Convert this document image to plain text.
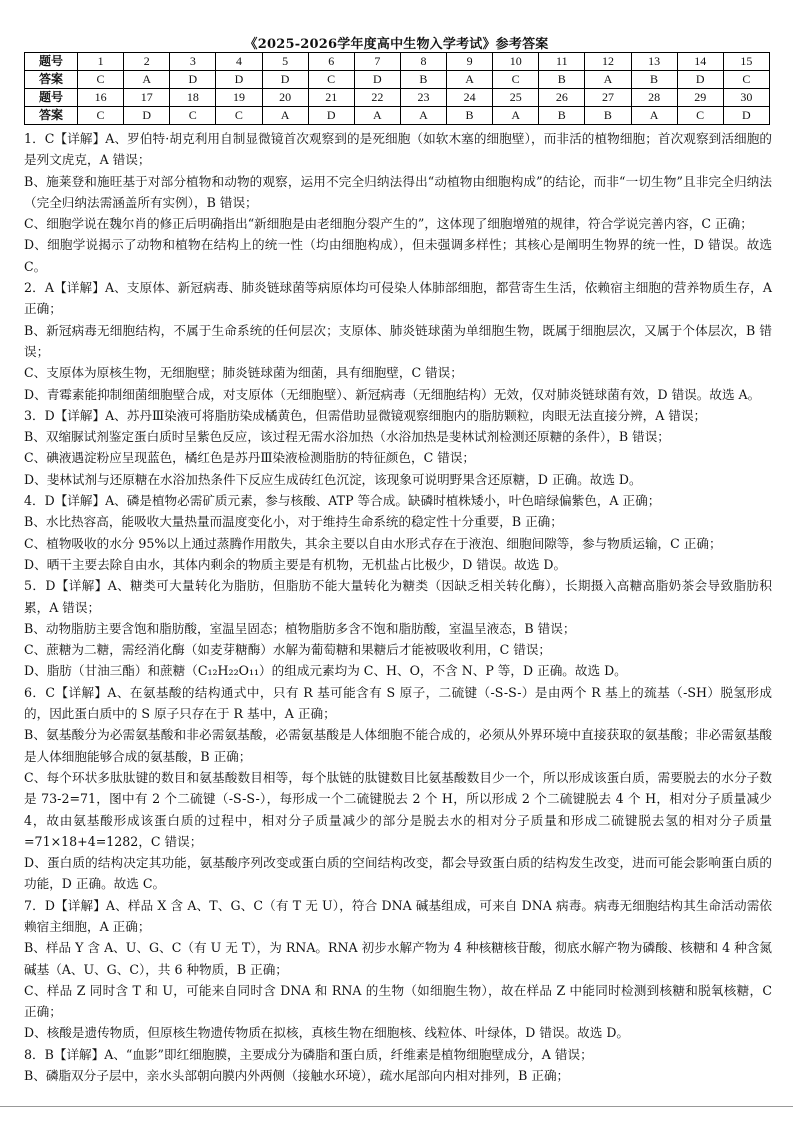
《2025-2026学年度高中生物入学考试》参考答案
题号	1	2	3	4	5	6	7	8	9	10	11	12	13	14	15
答案	C	A	D	D	D	C	D	B	A	C	B	A	B	D	C
题号	16	17	18	19	20	21	22	23	24	25	26	27	28	29	30
答案	C	D	C	C	A	D	A	A	B	A	B	B	A	C	D

1．C【详解】A、罗伯特·胡克利用自制显微镜首次观察到的是死细胞（如软木塞的细胞壁），而非活的植物细胞；首次观察到活细胞的是列文虎克，A 错误；

B、施莱登和施旺基于对部分植物和动物的观察，运用不完全归纳法得出“动植物由细胞构成”的结论，而非“一切生物”且非完全归纳法（完全归纳法需涵盖所有实例），B 错误；

C、细胞学说在魏尔肖的修正后明确指出“新细胞是由老细胞分裂产生的”，这体现了细胞增殖的规律，符合学说完善内容，C 正确；

D、细胞学说揭示了动物和植物在结构上的统一性（均由细胞构成），但未强调多样性；其核心是阐明生物界的统一性，D 错误。故选 C。

2．A【详解】A、支原体、新冠病毒、肺炎链球菌等病原体均可侵染人体肺部细胞，都营寄生生活，依赖宿主细胞的营养物质生存，A 正确；

B、新冠病毒无细胞结构，不属于生命系统的任何层次；支原体、肺炎链球菌为单细胞生物，既属于细胞层次，又属于个体层次，B 错误；

C、支原体为原核生物，无细胞壁；肺炎链球菌为细菌，具有细胞壁，C 错误；

D、青霉素能抑制细菌细胞壁合成，对支原体（无细胞壁）、新冠病毒（无细胞结构）无效，仅对肺炎链球菌有效，D 错误。故选 A。

3．D【详解】A、苏丹Ⅲ染液可将脂肪染成橘黄色，但需借助显微镜观察细胞内的脂肪颗粒，肉眼无法直接分辨，A 错误；

B、双缩脲试剂鉴定蛋白质时呈紫色反应，该过程无需水浴加热（水浴加热是斐林试剂检测还原糖的条件），B 错误；

C、碘液遇淀粉应呈现蓝色，橘红色是苏丹Ⅲ染液检测脂肪的特征颜色，C 错误；

D、斐林试剂与还原糖在水浴加热条件下反应生成砖红色沉淀，该现象可说明野果含还原糖，D 正确。故选 D。

4．D【详解】A、磷是植物必需矿质元素，参与核酸、ATP 等合成。缺磷时植株矮小，叶色暗绿偏紫色，A 正确；

B、水比热容高，能吸收大量热量而温度变化小，对于维持生命系统的稳定性十分重要，B 正确；

C、植物吸收的水分 95%以上通过蒸腾作用散失，其余主要以自由水形式存在于液泡、细胞间隙等，参与物质运输，C 正确；

D、晒干主要去除自由水，其体内剩余的物质主要是有机物，无机盐占比极少，D 错误。故选 D。

5．D【详解】A、糖类可大量转化为脂肪，但脂肪不能大量转化为糖类（因缺乏相关转化酶），长期摄入高糖高脂奶茶会导致脂肪积累，A 错误；

B、动物脂肪主要含饱和脂肪酸，室温呈固态；植物脂肪多含不饱和脂肪酸，室温呈液态，B 错误；

C、蔗糖为二糖，需经消化酶（如麦芽糖酶）水解为葡萄糖和果糖后才能被吸收利用，C 错误；

D、脂肪（甘油三酯）和蔗糖（C₁₂H₂₂O₁₁）的组成元素均为 C、H、O，不含 N、P 等，D 正确。故选 D。

6．C【详解】A、在氨基酸的结构通式中，只有 R 基可能含有 S 原子，二硫键（-S-S-）是由两个 R 基上的巯基（-SH）脱氢形成的，因此蛋白质中的 S 原子只存在于 R 基中，A 正确；

B、氨基酸分为必需氨基酸和非必需氨基酸，必需氨基酸是人体细胞不能合成的，必须从外界环境中直接获取的氨基酸；非必需氨基酸是人体细胞能够合成的氨基酸，B 正确；

C、每个环状多肽肽键的数目和氨基酸数目相等，每个肽链的肽键数目比氨基酸数目少一个，所以形成该蛋白质，需要脱去的水分子数是 73-2=71，图中有 2 个二硫键（-S-S-），每形成一个二硫键脱去 2 个 H，所以形成 2 个二硫键脱去 4 个 H，相对分子质量减少 4，故由氨基酸形成该蛋白质的过程中，相对分子质量减少的部分是脱去水的相对分子质量和形成二硫键脱去氢的相对分子质量=71×18+4=1282，C 错误；

D、蛋白质的结构决定其功能，氨基酸序列改变或蛋白质的空间结构改变，都会导致蛋白质的结构发生改变，进而可能会影响蛋白质的功能，D 正确。故选 C。

7．D【详解】A、样品 X 含 A、T、G、C（有 T 无 U），符合 DNA 碱基组成，可来自 DNA 病毒。病毒无细胞结构其生命活动需依赖宿主细胞，A 正确；

B、样品 Y 含 A、U、G、C（有 U 无 T），为 RNA。RNA 初步水解产物为 4 种核糖核苷酸，彻底水解产物为磷酸、核糖和 4 种含氮碱基（A、U、G、C），共 6 种物质，B 正确；

C、样品 Z 同时含 T 和 U，可能来自同时含 DNA 和 RNA 的生物（如细胞生物），故在样品 Z 中能同时检测到核糖和脱氧核糖，C 正确；

D、核酸是遗传物质，但原核生物遗传物质在拟核，真核生物在细胞核、线粒体、叶绿体，D 错误。故选 D。

8．B【详解】A、“血影”即红细胞膜，主要成分为磷脂和蛋白质，纤维素是植物细胞壁成分，A 错误；

B、磷脂双分子层中，亲水头部朝向膜内外两侧（接触水环境），疏水尾部向内相对排列，B 正确；
